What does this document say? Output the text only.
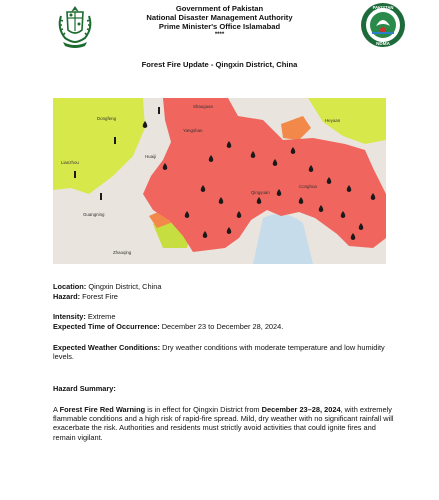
PAKISTAN
NDMA
Government of Pakistan
National Disaster Management Authority
Prime Minister's Office Islamabad
****
Forest Fire Update - Qingxin District, China
Dongfeng
Lianzhou
Shaoguan
Heyuan
Huaiji
Yangshan
Guangning
Zhaoqing
Qingyuan
Conghua
Location: Qingxin District, China
Hazard: Forest Fire
Intensity: Extreme
Expected Time of Occurrence: December 23 to December 28, 2024.
Expected Weather Conditions: Dry weather conditions with moderate temperature and low humidity levels.
Hazard Summary:
A Forest Fire Red Warning is in effect for Qingxin District from December 23–28, 2024, with extremely flammable conditions and a high risk of rapid-fire spread. Mild, dry weather with no significant rainfall will exacerbate the risk. Authorities and residents must strictly avoid activities that could ignite fires and remain vigilant.
